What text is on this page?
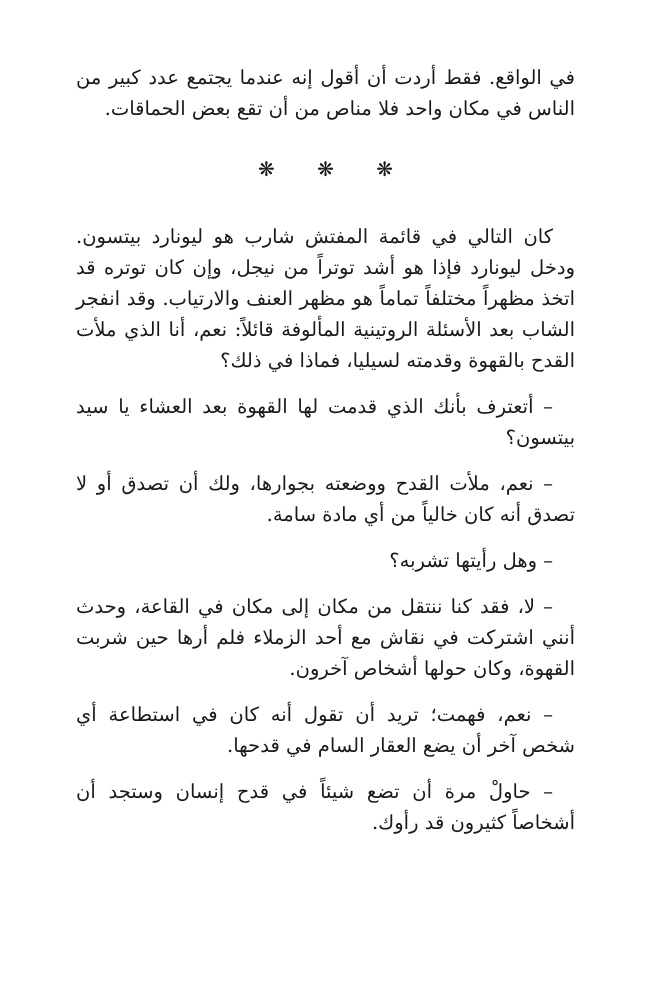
في الواقع. فقط أردت أن أقول إنه عندما يجتمع عدد كبير من الناس في مكان واحد فلا مناص من أن تقع بعض الحماقات.

❋ ❋ ❋

كان التالي في قائمة المفتش شارب هو ليونارد بيتسون. ودخل ليونارد فإذا هو أشد توتراً من نيجل، وإن كان توتره قد اتخذ مظهراً مختلفاً تماماً هو مظهر العنف والارتياب. وقد انفجر الشاب بعد الأسئلة الروتينية المألوفة قائلاً: نعم، أنا الذي ملأت القدح بالقهوة وقدمته لسيليا، فماذا في ذلك؟

– أتعترف بأنك الذي قدمت لها القهوة بعد العشاء يا سيد بيتسون؟

– نعم، ملأت القدح ووضعته بجوارها، ولك أن تصدق أو لا تصدق أنه كان خالياً من أي مادة سامة.

– وهل رأيتها تشربه؟

– لا، فقد كنا ننتقل من مكان إلى مكان في القاعة، وحدث أنني اشتركت في نقاش مع أحد الزملاء فلم أرها حين شربت القهوة، وكان حولها أشخاص آخرون.

– نعم، فهمت؛ تريد أن تقول أنه كان في استطاعة أي شخص آخر أن يضع العقار السام في قدحها.

– حاولْ مرة أن تضع شيئاً في قدح إنسان وستجد أن أشخاصاً كثيرون قد رأوك.
